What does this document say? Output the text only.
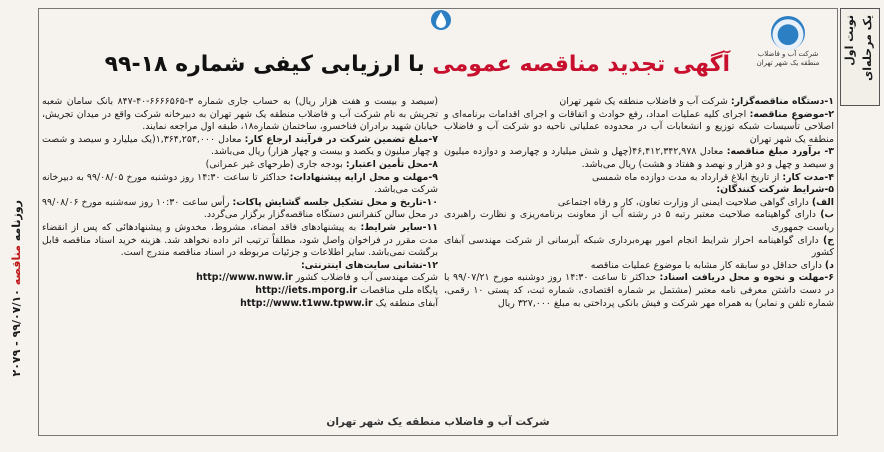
نوبت اول یک مرحله‌ای
روزنامه مناقصه ۹۹/۰۷/۱۰ - ۲۰۷۹
شرکت آب و فاضلاب
منطقه یک شهر تهران
آگهی تجدید مناقصه عمومی با ارزیابی کیفی شماره ۱۸-۹۹

۱-دستگاه مناقصه‌گزار: شرکت آب و فاضلاب منطقه یک شهر تهران

۲-موضوع مناقصه: اجرای کلیه عملیات امداد، رفع حوادث و اتفاقات و اجرای اقدامات برنامه‌ای و اصلاحی تأسیسات شبکه توزیع و انشعابات آب در محدوده عملیاتی ناحیه دو شرکت آب و فاضلاب منطقه یک شهر تهران

۳- برآورد مبلغ مناقصه: معادل ۴۶,۴۱۲,۳۴۲,۹۷۸(چهل و شش میلیارد و چهارصد و دوازده میلیون و سیصد و چهل و دو هزار و نهصد و هفتاد و هشت) ریال می‌باشد.

۴-مدت کار: از تاریخ ابلاغ قرارداد به مدت دوازده ماه شمسی

۵-شرایط شرکت کنندگان:

الف) دارای گواهی صلاحیت ایمنی از وزارت تعاون، کار و رفاه اجتماعی

ب) دارای گواهینامه صلاحیت معتبر رتبه ۵ در رشته آب از معاونت برنامه‌ریزی و نظارت راهبردی ریاست جمهوری

ج) دارای گواهینامه احراز شرایط انجام امور بهره‌برداری شبکه آبرسانی از شرکت مهندسی آبفای کشور

د) دارای حداقل دو سابقه کار مشابه با موضوع عملیات مناقصه

۶-مهلت و نحوه و محل دریافت اسناد: حداکثر تا ساعت ۱۴:۳۰ روز دوشنبه مورخ ۹۹/۰۷/۲۱ با در دست داشتن معرفی نامه معتبر (مشتمل بر شماره اقتصادی، شماره ثبت، کد پستی ۱۰ رقمی، شماره تلفن و نمابر) به همراه مهر شرکت و فیش بانکی پرداختی به مبلغ ۳۲۷,۰۰۰ ریال

(سیصد و بیست و هفت هزار ریال) به حساب جاری شماره ۳-۶۶۶۶۵۶۵-۴۰-۸۴۷ بانک سامان شعبه تجریش به نام شرکت آب و فاضلاب منطقه یک شهر تهران به دبیرخانه شرکت واقع در میدان تجریش، خیابان شهید برادران فناخسرو، ساختمان شماره۱۸، طبقه اول مراجعه نمایند.

۷-مبلغ تضمین شرکت در فرآیند ارجاع کار: معادل ۱,۳۶۴,۲۵۴,۰۰۰(یک میلیارد و سیصد و شصت و چهار میلیون و یکصد و بیست و چهار هزار) ریال می‌باشد.

۸-محل تأمین اعتبار: بودجه جاری (طرحهای غیر عمرانی)

۹-مهلت و محل ارایه پیشنهادات: حداکثر تا ساعت ۱۴:۳۰ روز دوشنبه مورخ ۹۹/۰۸/۰۵ به دبیرخانه شرکت می‌باشد.

۱۰-تاریخ و محل تشکیل جلسه گشایش پاکات: رأس ساعت ۱۰:۳۰ روز سه‌شنبه مورخ ۹۹/۰۸/۰۶ در محل سالن کنفرانس دستگاه مناقصه‌گزار برگزار می‌گردد.

۱۱-سایر شرایط: به پیشنهادهای فاقد امضاء، مشروط، مخدوش و پیشنهادهائی که پس از انقضاء مدت مقرر در فراخوان واصل شود، مطلقاً ترتیب اثر داده نخواهد شد. هزینه خرید اسناد مناقصه قابل برگشت نمی‌باشد. سایر اطلاعات و جزئیات مربوطه در اسناد مناقصه مندرج است.

۱۲-نشانی سایت‌های اینترنتی:

شرکت مهندسی آب و فاضلاب کشور http://www.nww.ir

پایگاه ملی مناقصات http://iets.mporg.ir

آبفای منطقه یک http://www.t1ww.tpww.ir

شرکت آب و فاضلاب منطقه یک شهر تهران
